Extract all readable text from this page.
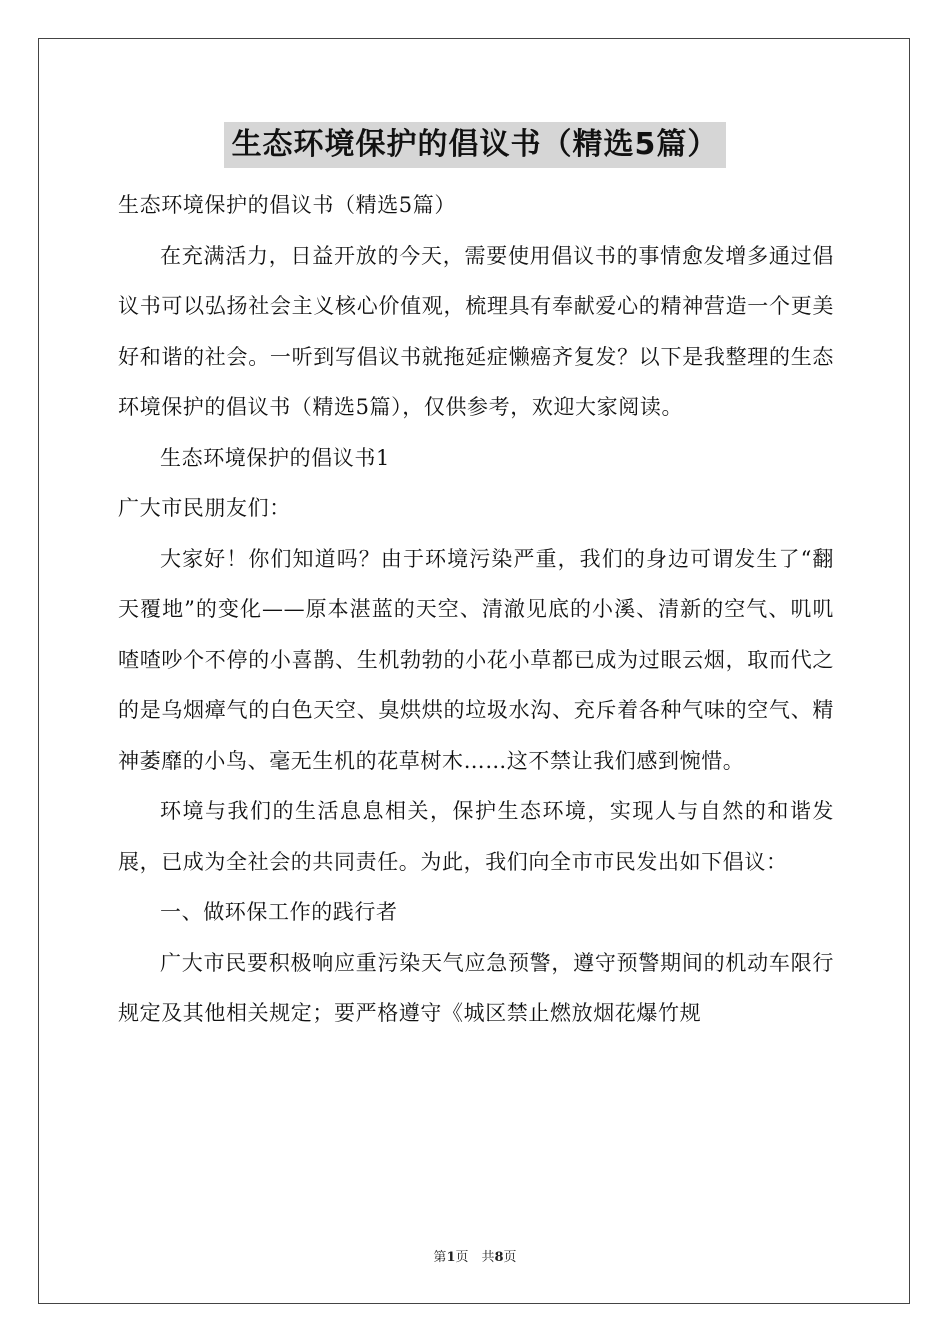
生态环境保护的倡议书（精选5篇）

生态环境保护的倡议书（精选5篇）

在充满活力，日益开放的今天，需要使用倡议书的事情愈发增多通过倡议书可以弘扬社会主义核心价值观，梳理具有奉献爱心的精神营造一个更美好和谐的社会。一听到写倡议书就拖延症懒癌齐复发？以下是我整理的生态环境保护的倡议书（精选5篇），仅供参考，欢迎大家阅读。

生态环境保护的倡议书1

广大市民朋友们：

大家好！你们知道吗？由于环境污染严重，我们的身边可谓发生了“翻天覆地”的变化——原本湛蓝的天空、清澈见底的小溪、清新的空气、叽叽喳喳吵个不停的小喜鹊、生机勃勃的小花小草都已成为过眼云烟，取而代之的是乌烟瘴气的白色天空、臭烘烘的垃圾水沟、充斥着各种气味的空气、精神萎靡的小鸟、毫无生机的花草树木……这不禁让我们感到惋惜。

环境与我们的生活息息相关，保护生态环境，实现人与自然的和谐发展，已成为全社会的共同责任。为此，我们向全市市民发出如下倡议：

一、做环保工作的践行者

广大市民要积极响应重污染天气应急预警，遵守预警期间的机动车限行规定及其他相关规定；要严格遵守《城区禁止燃放烟花爆竹规

第1页　共8页
